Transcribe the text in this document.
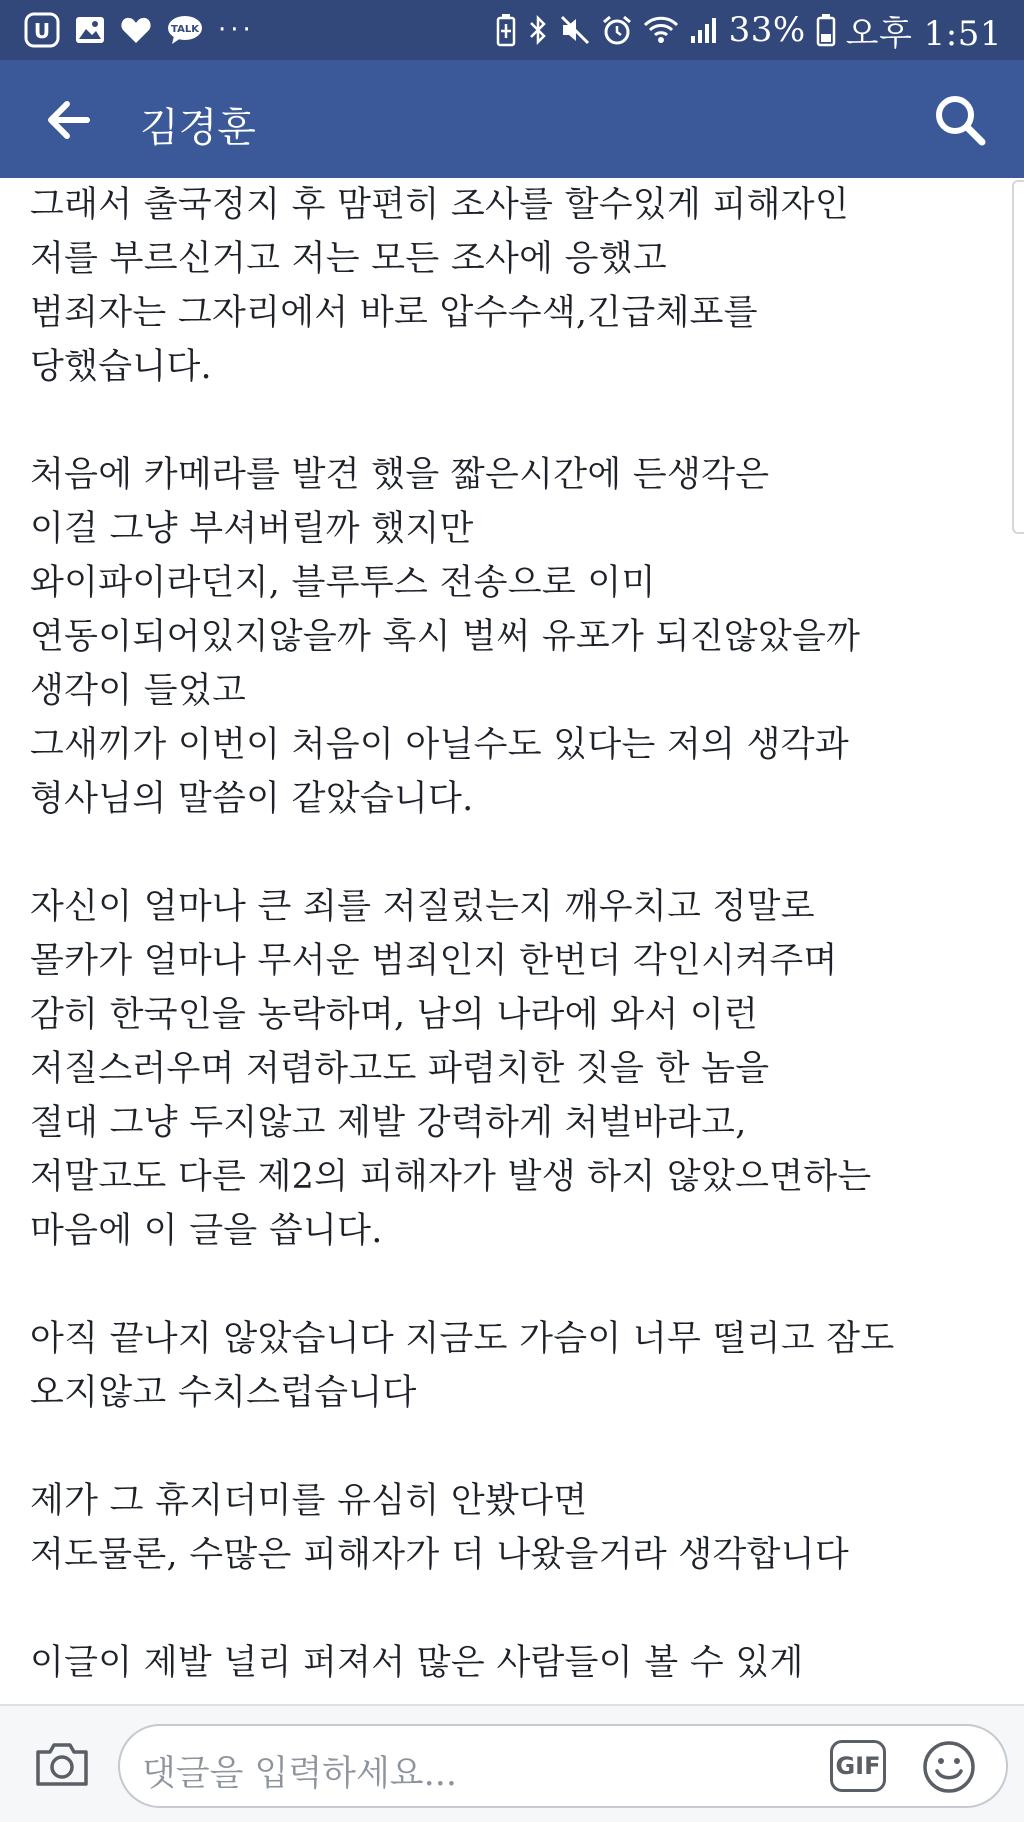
U	TALK ···	33% 오후 1:51
김경훈
그래서 출국정지 후 맘편히 조사를 할수있게 피해자인
저를 부르신거고 저는 모든 조사에 응했고
범죄자는 그자리에서 바로 압수수색,긴급체포를
당했습니다.

처음에 카메라를 발견 했을 짧은시간에 든생각은
이걸 그냥 부셔버릴까 했지만
와이파이라던지, 블루투스 전송으로 이미
연동이되어있지않을까 혹시 벌써 유포가 되진않았을까
생각이 들었고
그새끼가 이번이 처음이 아닐수도 있다는 저의 생각과
형사님의 말씀이 같았습니다.

자신이 얼마나 큰 죄를 저질렀는지 깨우치고 정말로
몰카가 얼마나 무서운 범죄인지 한번더 각인시켜주며
감히 한국인을 농락하며, 남의 나라에 와서 이런
저질스러우며 저렴하고도 파렴치한 짓을 한 놈을
절대 그냥 두지않고 제발 강력하게 처벌바라고,
저말고도 다른 제2의 피해자가 발생 하지 않았으면하는
마음에 이 글을 씁니다.

아직 끝나지 않았습니다 지금도 가슴이 너무 떨리고 잠도
오지않고 수치스럽습니다

제가 그 휴지더미를 유심히 안봤다면
저도물론, 수많은 피해자가 더 나왔을거라 생각합니다

이글이 제발 널리 퍼져서 많은 사람들이 볼 수 있게
댓글을 입력하세요...	GIF
